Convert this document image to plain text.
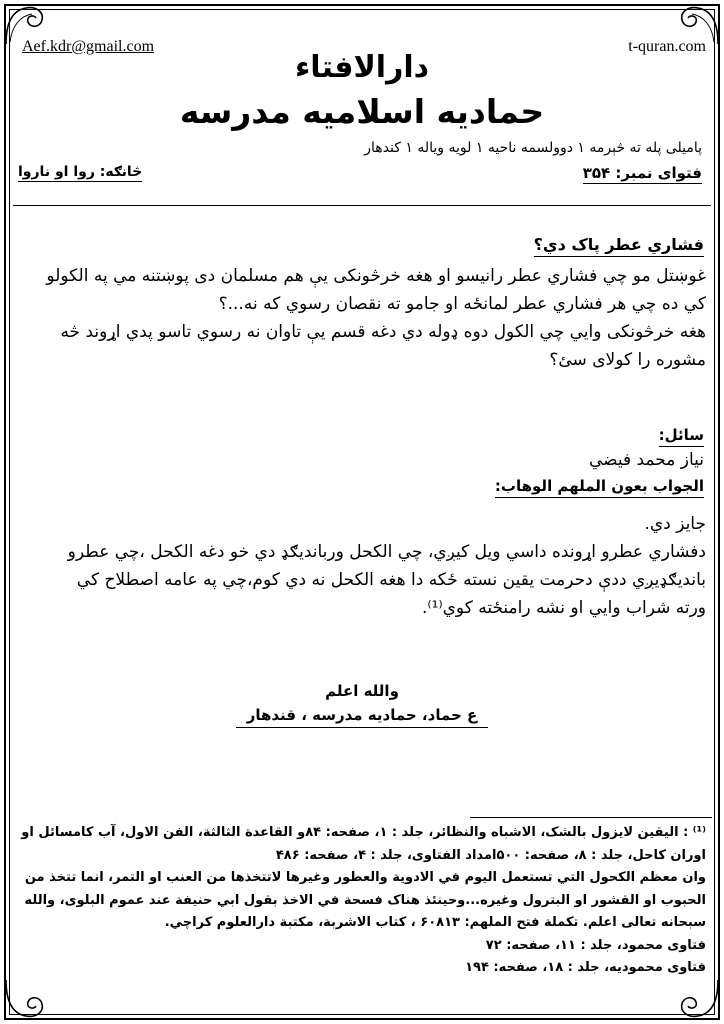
Aef.kdr@gmail.com	t-quran.com
دارالافتاء
حمادیه اسلامیه مدرسه
پامیلی پله ته څېرمه ۱ دوولسمه ناحیه ۱ لویه ویاله ۱ کندهار
فتوای نمبر: ۳۵۴
څانګه: روا او ناروا
فشاري عطر پاک دي؟
غوښتل مو چي فشاري عطر رانیسو او هغه خرڅونکی یې هم مسلمان دی پوښتنه مي په الکولو
کي ده چي هر فشاري عطر لمانځه او جامو ته نقصان رسوي که نه...؟
هغه خرڅونکی وایي چي الکول دوه ډوله دي دغه قسم یې تاوان نه رسوي تاسو پدي اړوند څه
مشوره را کولای سئ؟
سائل:
نیاز محمد فیضي
الجواب بعون الملهم الوهاب:
جایز دي.
دفشاري عطرو اړونده داسي ویل کیږي، چي الکحل وربانديګډ دي خو دغه الکحل ،چي عطرو
بانديګډیږي ددې دحرمت یقین نسته ځکه دا هغه الکحل نه دي کوم،چي په عامه اصطلاح کي
ورته شراب وایي او نشه رامنځته کوي⁽¹⁾.
والله اعلم
ع حماد، حمادیه مدرسه ، قندهار
⁽¹⁾ : الیقین لایزول بالشک، الاشباه والنظائر، جلد : ۱، صفحه: ۸۴و القاعدة الثالثة، الفن الاول، آب کامسائل او
اوران کاحل، جلد : ۸، صفحه: ۵۰۰امداد الفتاوی، جلد : ۴، صفحه: ۴۸۶
وان معظم الکحول التي تستعمل الیوم في الادویة والعطور وغیرها لاتتخذها من العنب او التمر، انما تتخذ من
الحبوب او القشور او البترول وغیره...وحینئذ هناک فسحة في الاخذ بقول ابي حنیفة عند عموم البلوی، والله
سبحانه تعالی اعلم. تکملة فتح الملهم: ۶۰۸۱۳ ، کتاب الاشربة، مکتبة دارالعلوم کراچي.
فتاوی محمود، جلد : ۱۱، صفحه: ۷۲
فتاوی محمودیه، جلد : ۱۸، صفحه: ۱۹۴
